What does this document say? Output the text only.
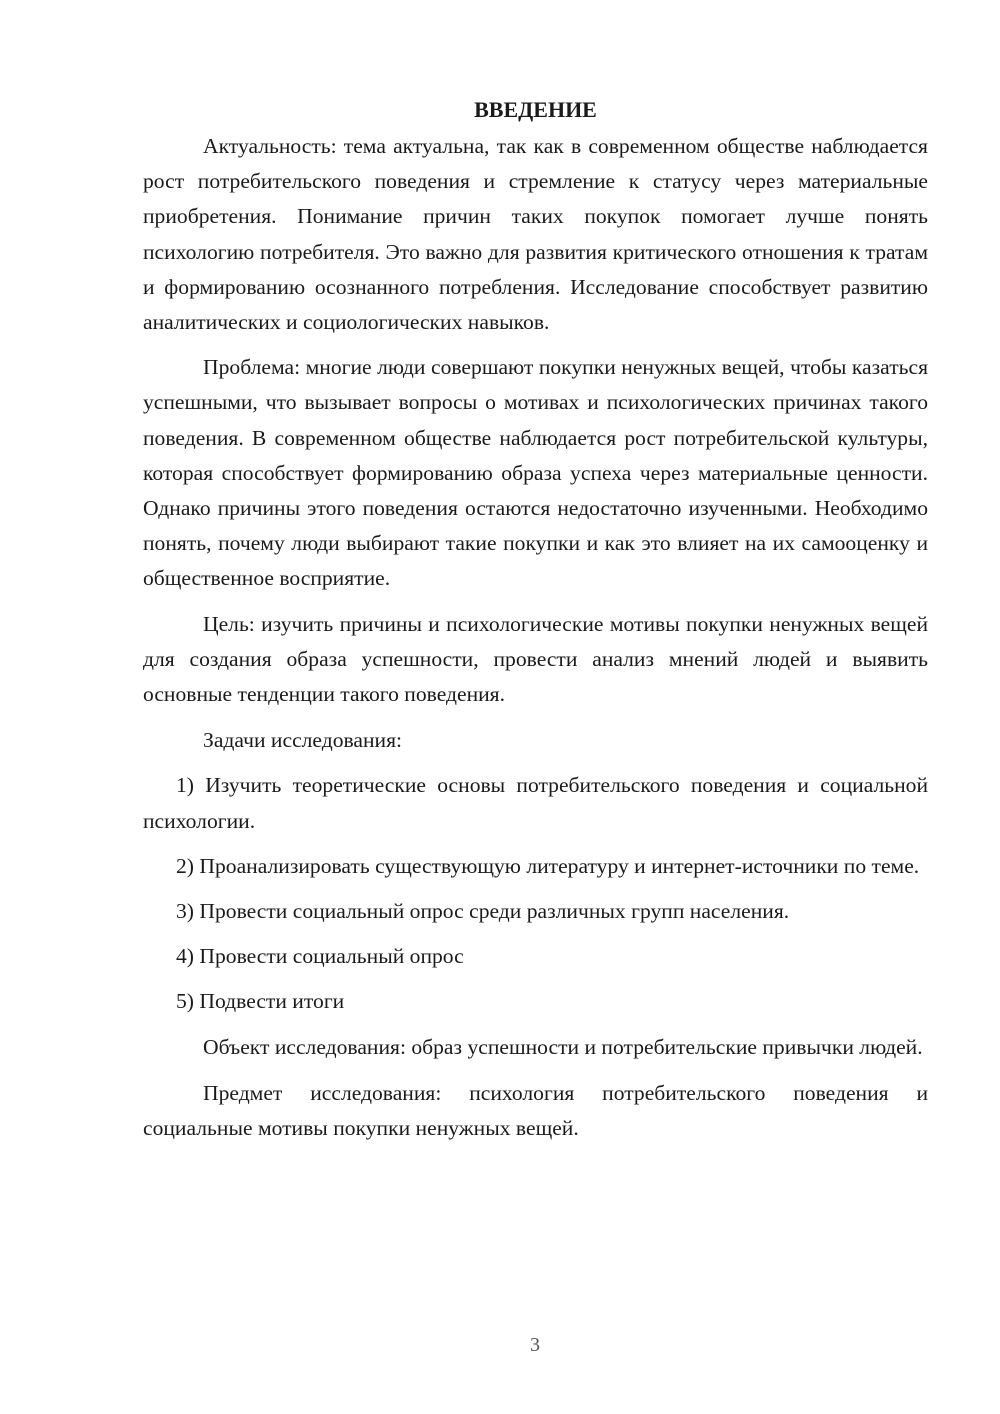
ВВЕДЕНИЕ

Актуальность: тема актуальна, так как в современном обществе наблюдается рост потребительского поведения и стремление к статусу через материальные приобретения. Понимание причин таких покупок помогает лучше понять психологию потребителя. Это важно для развития критического отношения к тратам и формированию осознанного потребления. Исследование способствует развитию аналитических и социологических навыков.

Проблема: многие люди совершают покупки ненужных вещей, чтобы казаться успешными, что вызывает вопросы о мотивах и психологических причинах такого поведения. В современном обществе наблюдается рост потребительской культуры, которая способствует формированию образа успеха через материальные ценности. Однако причины этого поведения остаются недостаточно изученными. Необходимо понять, почему люди выбирают такие покупки и как это влияет на их самооценку и общественное восприятие.

Цель: изучить причины и психологические мотивы покупки ненужных вещей для создания образа успешности, провести анализ мнений людей и выявить основные тенденции такого поведения.

Задачи исследования:

1) Изучить теоретические основы потребительского поведения и социальной психологии.

2) Проанализировать существующую литературу и интернет-источники по теме.

3) Провести социальный опрос среди различных групп населения.

4) Провести социальный опрос

5) Подвести итоги

Объект исследования: образ успешности и потребительские привычки людей.

Предмет исследования: психология потребительского поведения и социальные мотивы покупки ненужных вещей.

3
